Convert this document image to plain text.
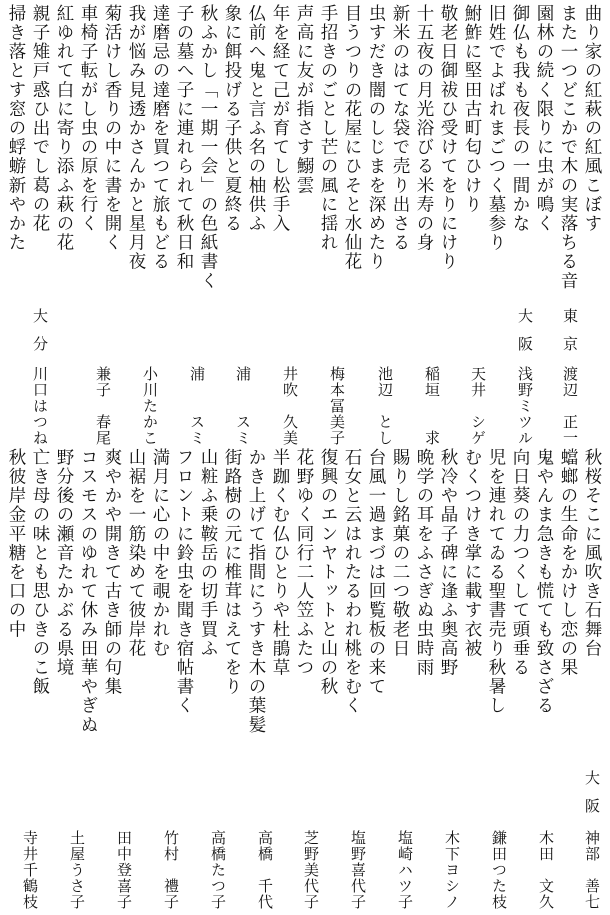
曲り家の紅萩の紅風こぼす
また一つどこかで木の実落ちる音
園林の続く限りに虫が鳴く
御仏も我も夜長の一間かな
旧姓でよばれまごつく墓参り
鮒鮓に堅田古町匂ひけり
敬老日御祓ひ受けてをりにけり
十五夜の月光浴びる米寿の身
新米のはてな袋で売り出さる
虫すだき闇のしじまを深めたり
目うつりの花屋にひそと水仙花
手招きのごとし芒の風に揺れ
声高に友が指さす鰯雲
年を経て己が育てし松手入
仏前へ鬼と言ふ名の柚供ふ
象に餌投げる子供と夏終る
秋ふかし「一期一会」の色紙書く
子の墓へ子に連れられて秋日和
達磨忌の達磨を買つて旅もどる
我が悩み見透かさんかと星月夜
菊活けし香りの中に書を開く
車椅子転がし虫の原を行く
紅ゆれて白に寄り添ふ萩の花
親子雉戸惑ひ出でし葛の花
掃き落とす窓の蜉蝣新やかた
東京
渡辺　正一
大阪
浅野ミツル
天井　シゲ
稲垣　　求
池辺　とし
梅本冨美子
井吹　久美
浦　　スミ
浦　　スミ
小川たかこ
兼子　春尾
大分
川口はつね
秋桜そこに風吹き石舞台
蟷螂の生命をかけし恋の果
鬼やんま急きも慌ても致さざる
向日葵の力つくして頭垂る
児を連れてゐる聖書売り秋暑し
むくつけき掌に載す衣被
秋冷や晶子碑に逢ふ奥高野
晩学の耳をふさぎぬ虫時雨
賜りし銘菓の二つ敬老日
台風一過まづは回覧板の来て
石女と云はれたるわれ桃をむく
復興のエンヤトットと山の秋
花野ゆく同行二人笠ふたつ
半跏くむ仏ひとりや杜鵑草
かき上げて指間にうすき木の葉髪
街路樹の元に椎茸はえてをり
山粧ふ乗鞍岳の切手買ふ
フロントに鈴虫を聞き宿帖書く
満月に心の中を覗かれむ
山裾を一筋染めて彼岸花
爽やかや開きて古き師の句集
コスモスのゆれて休み田華やぎぬ
野分後の瀬音たかぶる県境
亡き母の味とも思ひきのこ飯
秋彼岸金平糖を口の中
大阪
神部　善七
木田　文久
鎌田つた枝
木下ヨシノ
塩崎ハツ子
塩野喜代子
芝野美代子
高橋　千代
高橋たつ子
竹村　禮子
田中登喜子
土屋うさ子
寺井千鶴枝
